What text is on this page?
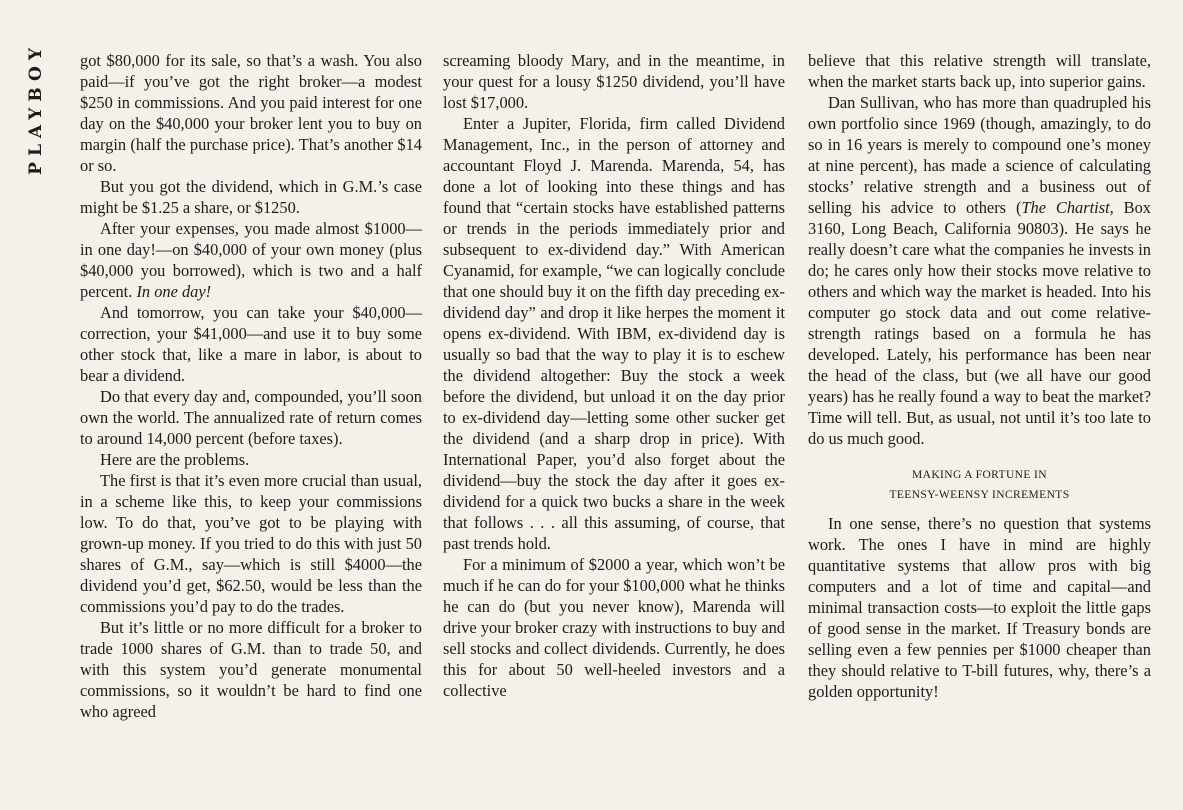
PLAYBOY got $80,000 for its sale, so that’s a wash. You also paid—if you’ve got the right broker—a modest $250 in commissions. And you paid interest for one day on the $40,000 your broker lent you to buy on margin (half the purchase price). That’s another $14 or so.

But you got the dividend, which in G.M.’s case might be $1.25 a share, or $1250.

After your expenses, you made almost $1000—in one day!—on $40,000 of your own money (plus $40,000 you borrowed), which is two and a half percent. In one day!

And tomorrow, you can take your $40,000—correction, your $41,000—and use it to buy some other stock that, like a mare in labor, is about to bear a dividend.

Do that every day and, compounded, you’ll soon own the world. The annualized rate of return comes to around 14,000 percent (before taxes).

Here are the problems.

The first is that it’s even more crucial than usual, in a scheme like this, to keep your commissions low. To do that, you’ve got to be playing with grown-up money. If you tried to do this with just 50 shares of G.M., say—which is still $4000—the dividend you’d get, $62.50, would be less than the commissions you’d pay to do the trades.

But it’s little or no more difficult for a broker to trade 1000 shares of G.M. than to trade 50, and with this system you’d generate monumental commissions, so it wouldn’t be hard to find one who agreed

screaming bloody Mary, and in the meantime, in your quest for a lousy $1250 dividend, you’ll have lost $17,000.

Enter a Jupiter, Florida, firm called Dividend Management, Inc., in the person of attorney and accountant Floyd J. Marenda. Marenda, 54, has done a lot of looking into these things and has found that “certain stocks have established patterns or trends in the periods immediately prior and subsequent to ex-dividend day.” With American Cyanamid, for example, “we can logically conclude that one should buy it on the fifth day preceding ex-dividend day” and drop it like herpes the moment it opens ex-dividend. With IBM, ex-dividend day is usually so bad that the way to play it is to eschew the dividend altogether: Buy the stock a week before the dividend, but unload it on the day prior to ex-dividend day—letting some other sucker get the dividend (and a sharp drop in price). With International Paper, you’d also forget about the dividend—buy the stock the day after it goes ex-dividend for a quick two bucks a share in the week that follows . . . all this assuming, of course, that past trends hold.

For a minimum of $2000 a year, which won’t be much if he can do for your $100,000 what he thinks he can do (but you never know), Marenda will drive your broker crazy with instructions to buy and sell stocks and collect dividends. Currently, he does this for about 50 well-heeled investors and a collective

believe that this relative strength will translate, when the market starts back up, into superior gains.

Dan Sullivan, who has more than quadrupled his own portfolio since 1969 (though, amazingly, to do so in 16 years is merely to compound one’s money at nine percent), has made a science of calculating stocks’ relative strength and a business out of selling his advice to others (The Chartist, Box 3160, Long Beach, California 90803). He says he really doesn’t care what the companies he invests in do; he cares only how their stocks move relative to others and which way the market is headed. Into his computer go stock data and out come relative-strength ratings based on a formula he has developed. Lately, his performance has been near the head of the class, but (we all have our good years) has he really found a way to beat the market? Time will tell. But, as usual, not until it’s too late to do us much good.

MAKING A FORTUNE IN
TEENSY-WEENSY INCREMENTS

In one sense, there’s no question that systems work. The ones I have in mind are highly quantitative systems that allow pros with big computers and a lot of time and capital—and minimal transaction costs—to exploit the little gaps of good sense in the market. If Treasury bonds are selling even a few pennies per $1000 cheaper than they should relative to T-bill futures, why, there’s a golden opportunity!
